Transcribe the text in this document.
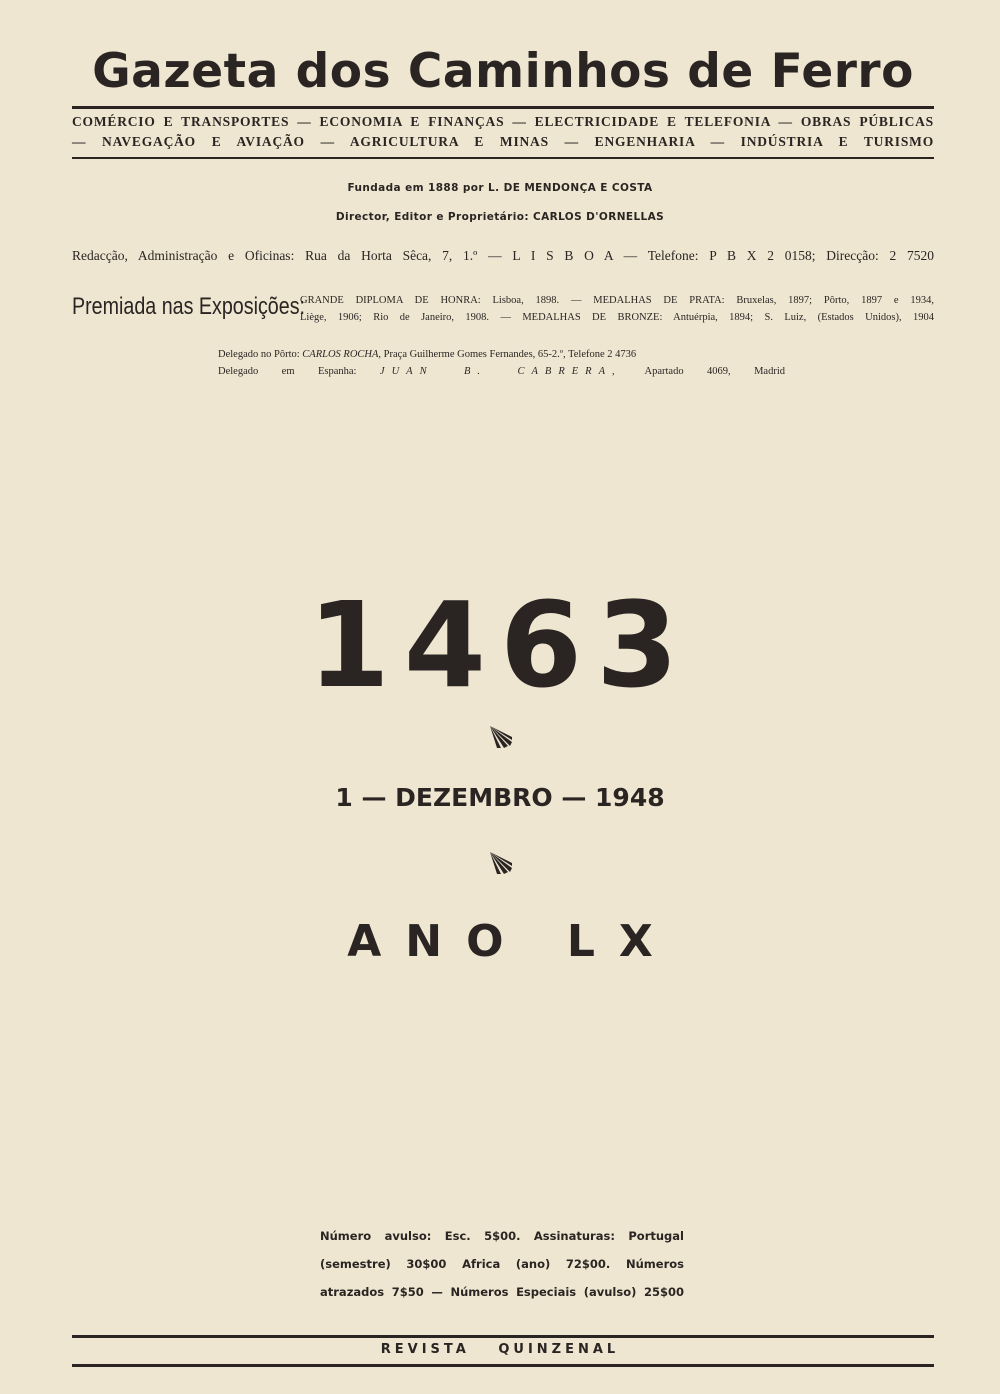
Gazeta dos Caminhos de Ferro
COMÉRCIO E TRANSPORTES — ECONOMIA E FINANÇAS — ELECTRICIDADE E TELEFONIA — OBRAS PÚBLICAS
— NAVEGAÇÃO E AVIAÇÃO — AGRICULTURA E MINAS — ENGENHARIA — INDÚSTRIA E TURISMO
Fundada em 1888 por L. DE MENDONÇA E COSTA
Director, Editor e Proprietário: CARLOS D'ORNELLAS
Redacção, Administração e Oficinas: Rua da Horta Sêca, 7, 1.º — L I S B O A — Telefone: P B X 2 0158; Direcção: 2 7520
Premiada nas Exposições:
GRANDE DIPLOMA DE HONRA: Lisboa, 1898. — MEDALHAS DE PRATA: Bruxelas, 1897; Pôrto, 1897 e 1934,
Liège, 1906; Rio de Janeiro, 1908. — MEDALHAS DE BRONZE: Antuérpia, 1894; S. Luiz, (Estados Unidos), 1904
Delegado no Pôrto: CARLOS ROCHA, Praça Guilherme Gomes Fernandes, 65-2.º, Telefone 2 4736
Delegado em Espanha: JUAN B. CABRERA, Apartado 4069, Madrid
1463
1 — DEZEMBRO — 1948
ANO LX
Número avulso: Esc. 5$00. Assinaturas: Portugal
(semestre) 30$00 Africa (ano) 72$00. Números
atrazados 7$50 — Números Especiais (avulso) 25$00
REVISTA QUINZENAL
